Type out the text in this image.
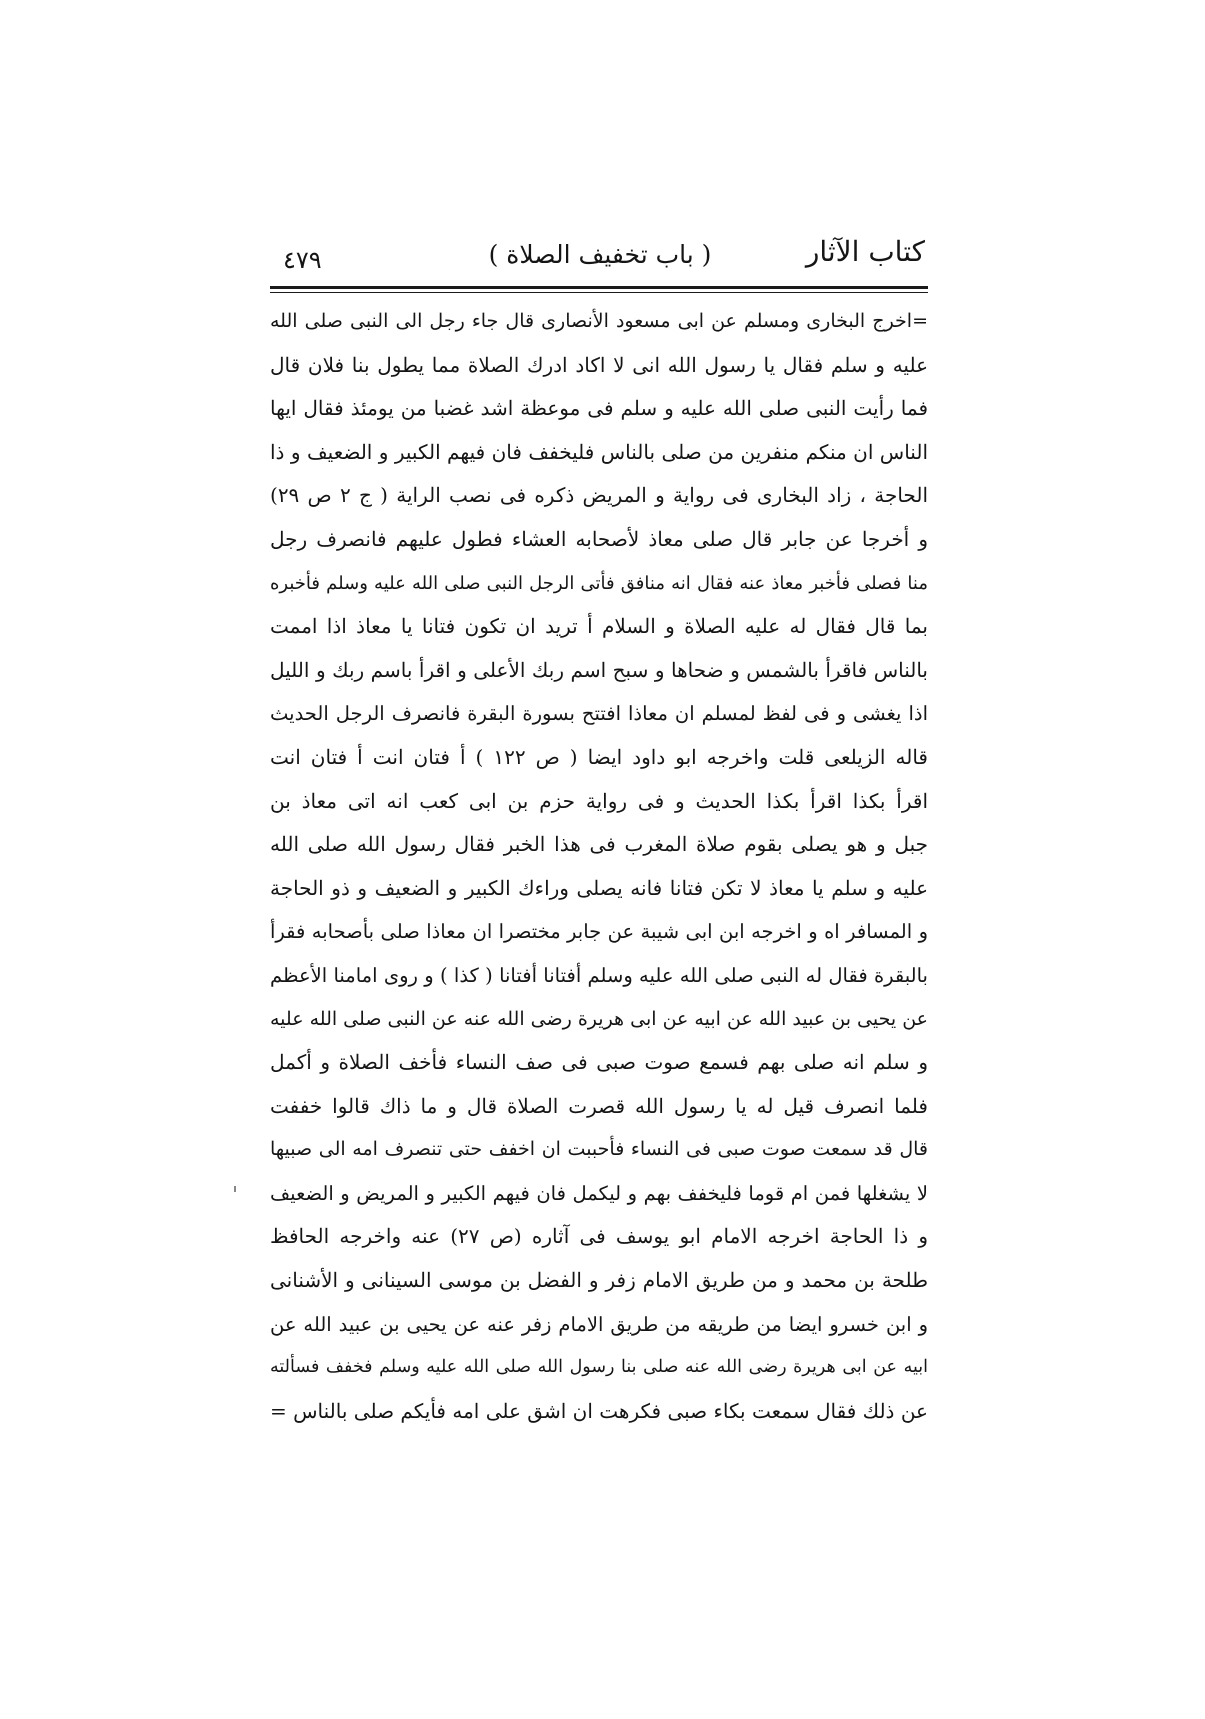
كتاب الآثار
( باب تخفيف الصلاة )
٤٧٩
=اخرج البخاری ومسلم عن ابی مسعود الأنصاری قال جاء رجل الی النبی صلی الله
علیه و سلم فقال یا رسول الله انی لا اکاد ادرك الصلاة مما یطول بنا فلان قال
فما رأیت النبی صلی الله علیه و سلم فی موعظة اشد غضبا من یومئذ فقال ایها
الناس ان منکم منفرین من صلی بالناس فلیخفف فان فیهم الکبیر و الضعیف و ذا
الحاجة ، زاد البخاری فی روایة و المریض ذکره فی نصب الرایة ( ج ٢ ص ٢٩)
و أخرجا عن جابر قال صلی معاذ لأصحابه العشاء فطول علیهم فانصرف رجل
منا فصلی فأخبر معاذ عنه فقال انه منافق فأتی الرجل النبی صلی الله علیه وسلم فأخبره
بما قال فقال له علیه الصلاة و السلام أ ترید ان تکون فتانا یا معاذ اذا اممت
بالناس فاقرأ بالشمس و ضحاها و سبح اسم ربك الأعلی و اقرأ باسم ربك و اللیل
اذا یغشی و فی لفظ لمسلم ان معاذا افتتح بسورة البقرة فانصرف الرجل الحدیث
قاله الزیلعی قلت واخرجه ابو داود ایضا ( ص ١٢٢ ) أ فتان انت أ فتان انت
اقرأ بکذا اقرأ بکذا الحدیث و فی روایة حزم بن ابی کعب انه اتی معاذ بن
جبل و هو یصلی بقوم صلاة المغرب فی هذا الخبر فقال رسول الله صلی الله
علیه و سلم یا معاذ لا تکن فتانا فانه یصلی وراءك الکبیر و الضعیف و ذو الحاجة
و المسافر اه و اخرجه ابن ابی شیبة عن جابر مختصرا ان معاذا صلی بأصحابه فقرأ
بالبقرة فقال له النبی صلی الله علیه وسلم أفتانا أفتانا ( کذا ) و روی امامنا الأعظم
عن یحیی بن عبید الله عن ابیه عن ابی هریرة رضی الله عنه عن النبی صلی الله علیه
و سلم انه صلی بهم فسمع صوت صبی فی صف النساء فأخف الصلاة و أکمل
فلما انصرف قیل له یا رسول الله قصرت الصلاة قال و ما ذاك قالوا خففت
قال قد سمعت صوت صبی فی النساء فأحببت ان اخفف حتی تنصرف امه الی صبیها
لا یشغلها فمن ام قوما فلیخفف بهم و لیکمل فان فیهم الکبیر و المریض و الضعیف
و ذا الحاجة اخرجه الامام ابو یوسف فی آثاره (ص ٢٧) عنه واخرجه الحافظ
طلحة بن محمد و من طریق الامام زفر و الفضل بن موسی السینانی و الأشنانی
و ابن خسرو ایضا من طریقه من طریق الامام زفر عنه عن یحیی بن عبید الله عن
ابیه عن ابی هریرة رضی الله عنه صلی بنا رسول الله صلی الله علیه وسلم فخفف فسألته
عن ذلك فقال سمعت بکاء صبی فکرهت ان اشق علی امه فأیکم صلی بالناس =
